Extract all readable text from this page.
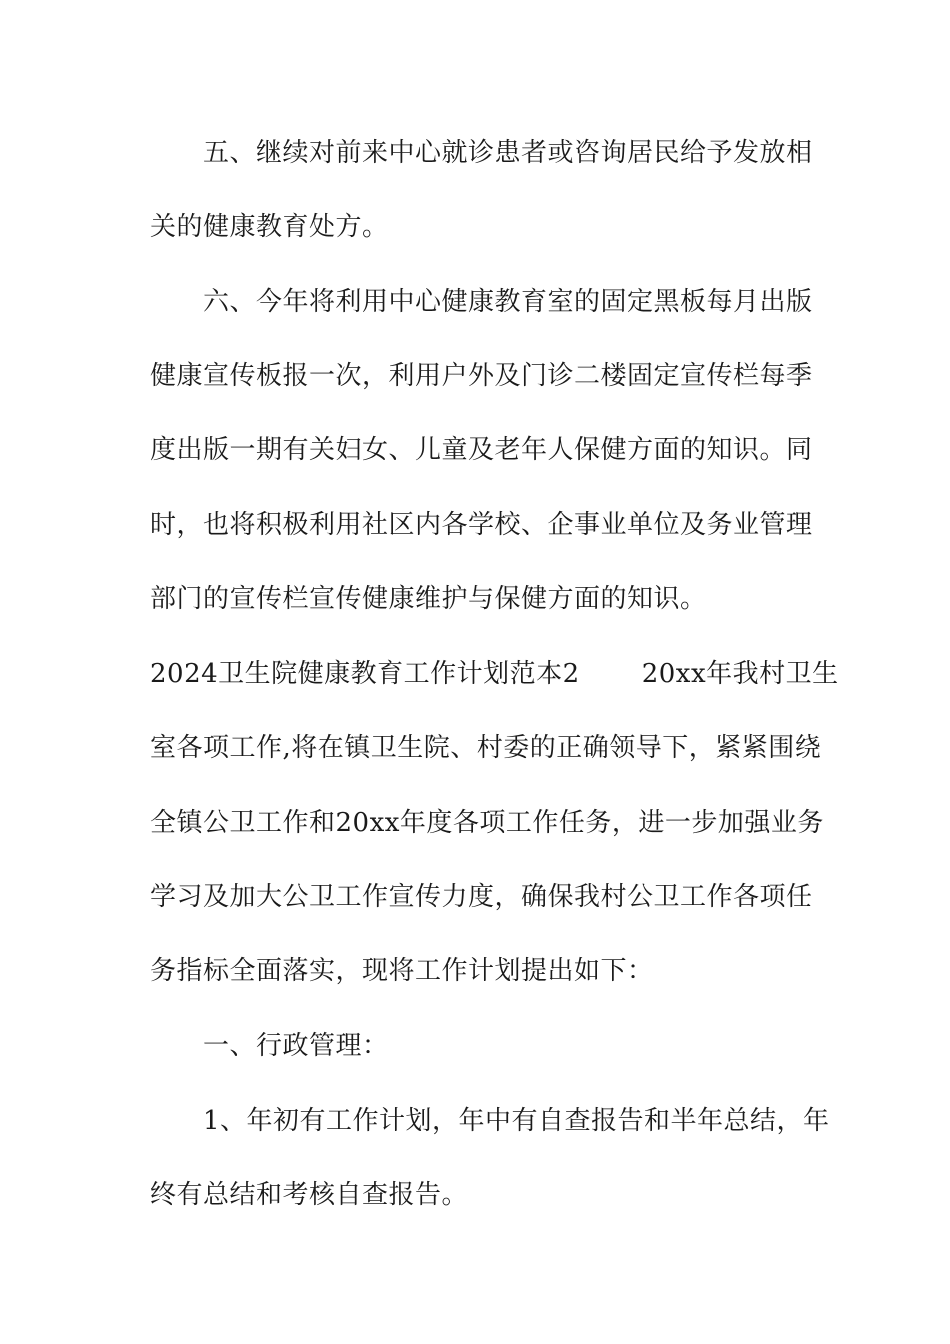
五、继续对前来中心就诊患者或咨询居民给予发放相
关的健康教育处方。
六、今年将利用中心健康教育室的固定黑板每月出版
健康宣传板报一次，利用户外及门诊二楼固定宣传栏每季
度出版一期有关妇女、儿童及老年人保健方面的知识。同
时，也将积极利用社区内各学校、企事业单位及务业管理
部门的宣传栏宣传健康维护与保健方面的知识。
2024卫生院健康教育工作计划范本2 20xx年我村卫生
室各项工作,将在镇卫生院、村委的正确领导下，紧紧围绕
全镇公卫工作和20xx年度各项工作任务，进一步加强业务
学习及加大公卫工作宣传力度，确保我村公卫工作各项任
务指标全面落实，现将工作计划提出如下：
一、行政管理：
1、年初有工作计划，年中有自查报告和半年总结，年
终有总结和考核自查报告。
